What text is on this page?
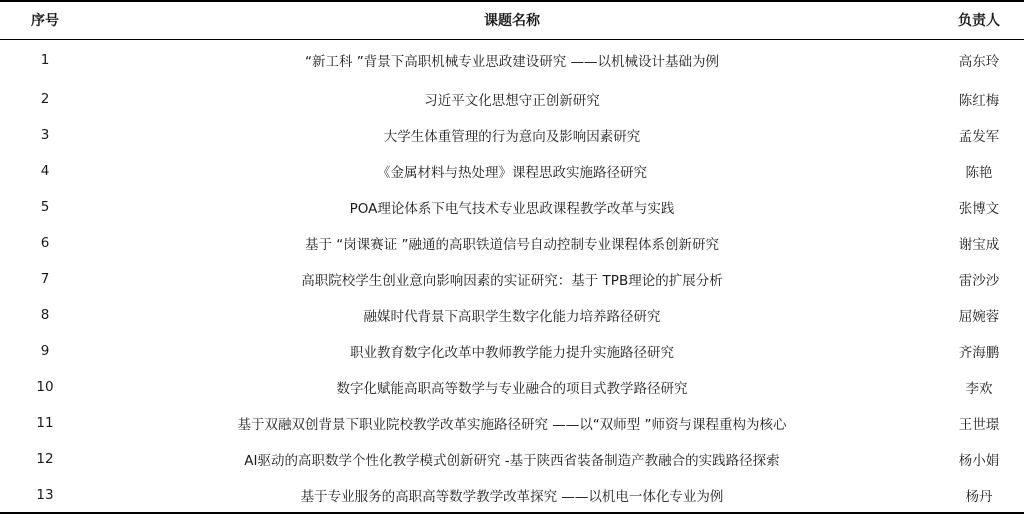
序号	课题名称	负责人
1	“新工科 ”背景下高职机械专业思政建设研究 ——以机械设计基础为例	高东玲
2	习近平文化思想守正创新研究	陈红梅
3	大学生体重管理的行为意向及影响因素研究	孟发军
4	《金属材料与热处理》课程思政实施路径研究	陈艳
5	POA理论体系下电气技术专业思政课程教学改革与实践	张博文
6	基于 “岗课赛证 ”融通的高职铁道信号自动控制专业课程体系创新研究	谢宝成
7	高职院校学生创业意向影响因素的实证研究：基于 TPB理论的扩展分析	雷沙沙
8	融媒时代背景下高职学生数字化能力培养路径研究	屈婉蓉
9	职业教育数字化改革中教师教学能力提升实施路径研究	齐海鹏
10	数字化赋能高职高等数学与专业融合的项目式教学路径研究	李欢
11	基于双融双创背景下职业院校教学改革实施路径研究 ——以“双师型 ”师资与课程重构为核心	王世璟
12	AI驱动的高职数学个性化教学模式创新研究 -基于陕西省装备制造产教融合的实践路径探索	杨小娟
13	基于专业服务的高职高等数学教学改革探究 ——以机电一体化专业为例	杨丹
